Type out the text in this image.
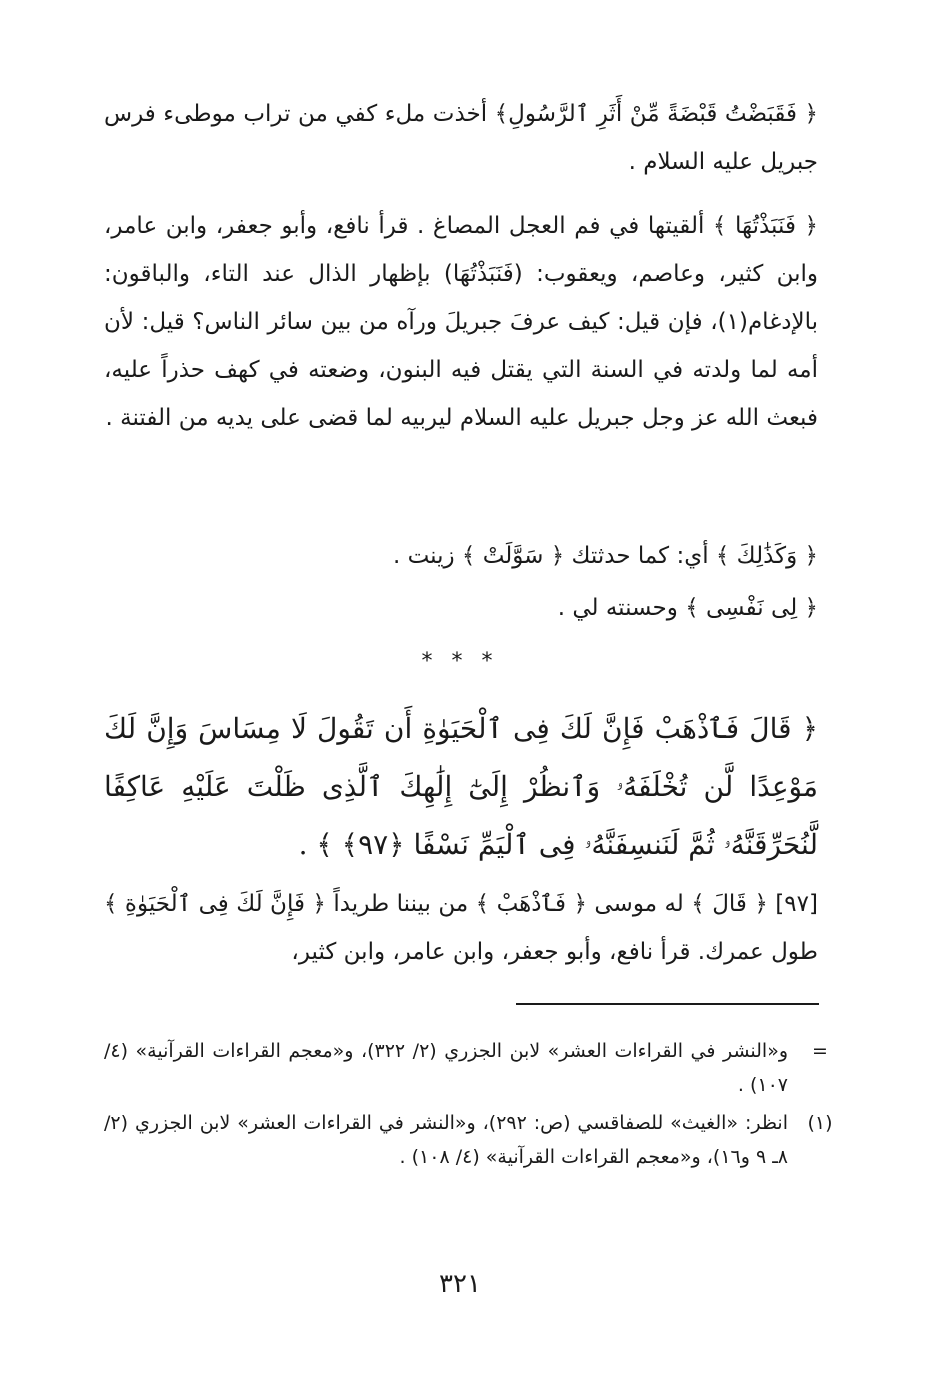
﴿ فَقَبَضْتُ قَبْضَةً مِّنْ أَثَرِ ٱلرَّسُولِ﴾ أخذت ملء كفي من تراب موطىء فرس جبريل عليه السلام .

﴿ فَنَبَذْتُهَا ﴾ ألقيتها في فم العجل المصاغ . قرأ نافع، وأبو جعفر، وابن عامر، وابن كثير، وعاصم، ويعقوب: (فَنَبَذْتُهَا) بإظهار الذال عند التاء، والباقون: بالإدغام(١)، فإن قيل: كيف عرفَ جبريلَ ورآه من بين سائر الناس؟ قيل: لأن أمه لما ولدته في السنة التي يقتل فيه البنون، وضعته في كهف حذراً عليه، فبعث الله عز وجل جبريل عليه السلام ليربيه لما قضى على يديه من الفتنة .

﴿ وَكَذَٰلِكَ ﴾ أي: كما حدثتك ﴿ سَوَّلَتْ ﴾ زينت .

﴿ لِى نَفْسِى ﴾ وحسنته لي .

* * *
﴿ قَالَ فَٱذْهَبْ فَإِنَّ لَكَ فِى ٱلْحَيَوٰةِ أَن تَقُولَ لَا مِسَاسَ وَإِنَّ لَكَ مَوْعِدًا لَّن تُخْلَفَهُۥ وَٱنظُرْ إِلَىٰٓ إِلَٰهِكَ ٱلَّذِى ظَلْتَ عَلَيْهِ عَاكِفًا لَّنُحَرِّقَنَّهُۥ ثُمَّ لَنَنسِفَنَّهُۥ فِى ٱلْيَمِّ نَسْفًا ﴿٩٧﴾ ﴾ .

[٩٧] ﴿ قَالَ ﴾ له موسى ﴿ فَٱذْهَبْ ﴾ من بيننا طريداً ﴿ فَإِنَّ لَكَ فِى ٱلْحَيَوٰةِ ﴾ طول عمرك. قرأ نافع، وأبو جعفر، وابن عامر، وابن كثير،

=
و«النشر في القراءات العشر» لابن الجزري (٢/ ٣٢٢)، و«معجم القراءات القرآنية» (٤/ ١٠٧) .
(١)
انظر: «الغيث» للصفاقسي (ص: ٢٩٢)، و«النشر في القراءات العشر» لابن الجزري (٢/ ٨ـ ٩ و١٦)، و«معجم القراءات القرآنية» (٤/ ١٠٨) .
٣٢١
